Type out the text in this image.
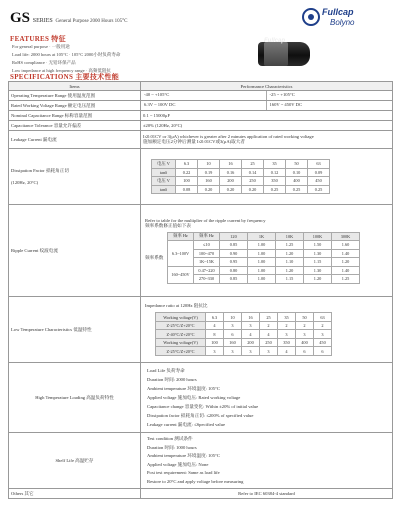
GS SERIES General Purpose 2000 Hours 105°C
Fullcap
Bolyno
FEATURES 特征
For general purpose · 一般用途
Load life: 2000 hours at 105°C · 105°C 2000小时负荷寿命
RoHS compliance · 无铅环保产品
Low impedance at high frequency range · 高频低阻抗
Fullcap
SPECIFICATIONS 主要技术性能
Items	Performance Characteristics
Operating Temperature Range 使用温度范围	-40 ~ +105°C	-25 ~ +105°C

Rated Working Voltage Range 额定电压范围	6.3V ~ 100V DC	160V ~ 450V DC

Nominal Capacitance Range 标称容量范围	0.1 ~ 15000μF
Capacitance Tolerance 容量允许偏差	±20% (120Hz, 20°C)
Leakage Current 漏电流	I≤0.01CV or 3(μA) whichever is greater after 2 minutes application of rated working voltage
施加额定电压2分钟后测量 I≤0.01CV或3(μA)取大者

Dissipation Factor 损耗角正切
(120Hz, 20°C)

电压 V	6.3	10	16	25	35	50	63
tanδ	0.22	0.19	0.16	0.14	0.12	0.10	0.09
电压 V	100	160	200	250	350	400	450
tanδ	0.08	0.20	0.20	0.20	0.25	0.25	0.25

Ripple Current 纹波电流	
Refer to table for the multiplier of the ripple current by frequency
频率系数修正值如下表
频率系数
频率 Hz	频率 Hz	120	1K	10K	100K	300K
6.3~100V	≤10	0.85	1.00	1.25	1.50	1.60
100~470	0.90	1.00	1.20	1.30	1.40
1K~15K	0.95	1.00	1.10	1.15	1.20
160~450V	0.47~220	0.80	1.00	1.20	1.30	1.40
270~330	0.85	1.00	1.15	1.20	1.25

Low Temperature Characteristics 低温特性	
Impedance ratio at 120Hz 阻抗比
Working voltage(V)	6.3	10	16	25	35	50	63
Z-25°C/Z+20°C	4	3	3	2	2	2	2
Z-40°C/Z+20°C	8	6	4	4	3	3	3
Working voltage(V)	100	160	200	250	350	400	450
Z-25°C/Z+20°C	3	3	3	3	4	6	6

High Temperature Loading 高温负荷特性	
Load Life 负荷寿命
Duration 时间: 2000 hours
Ambient temperature 环境温度: 105°C
Applied voltage 施加电压: Rated working voltage
Capacitance change 容量变化: Within ±20% of initial value
Dissipation factor 损耗角正切: ≤200% of specified value
Leakage current 漏电流: ≤Specified value

Shelf Life 高温贮存	
Test condition 测试条件
Duration 时间: 1000 hours
Ambient temperature 环境温度: 105°C
Applied voltage 施加电压: None
Post test requirement: Same as load life
Restore to 20°C and apply voltage before measuring

Others 其它	Refer to IEC 60384-4 standard
